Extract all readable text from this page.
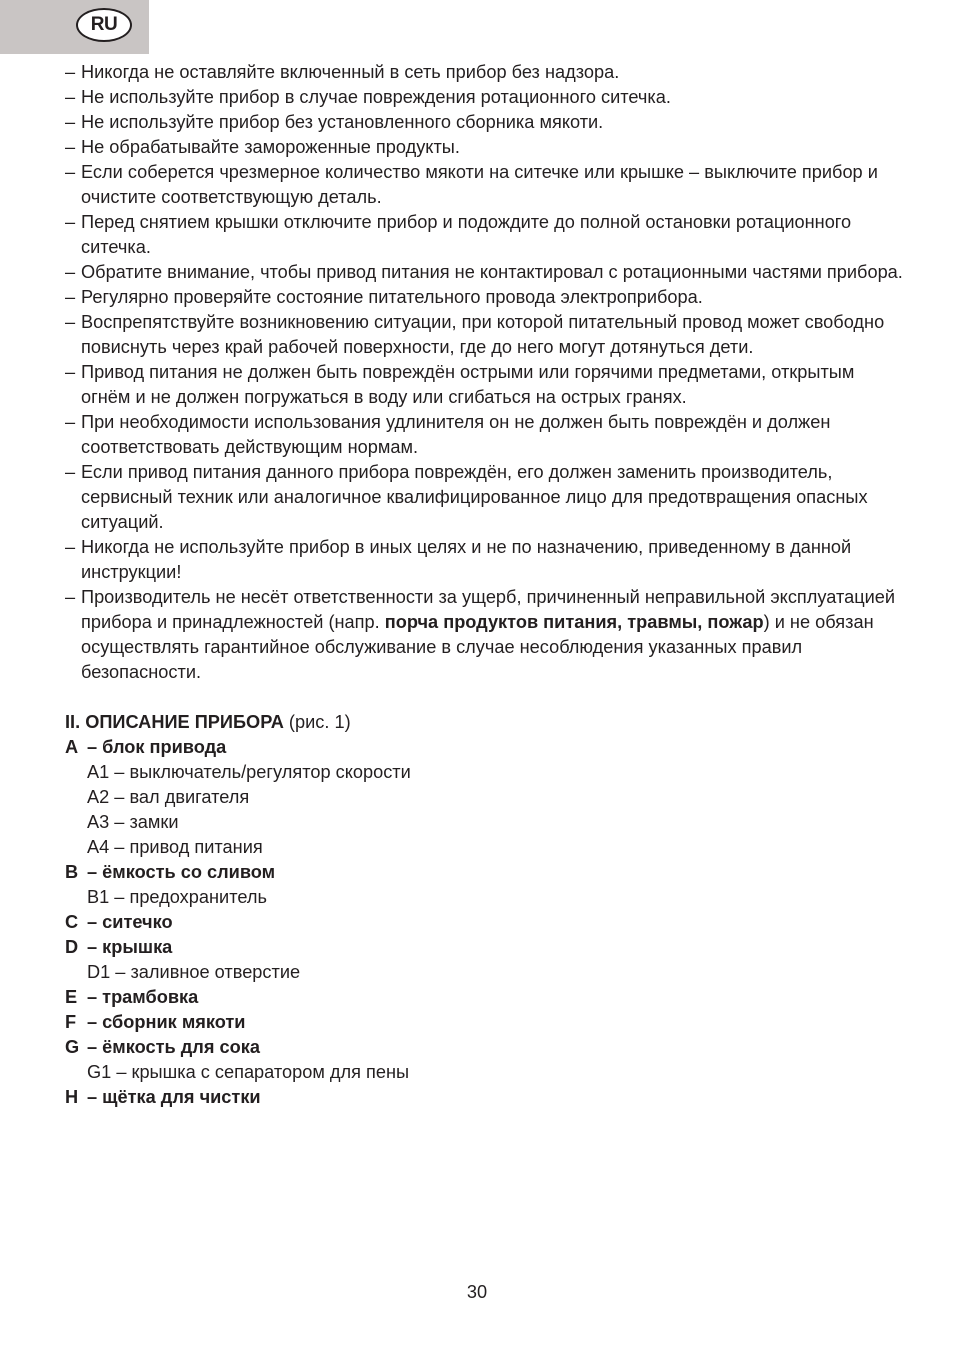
RU
– Никогда не оставляйте включенный в сеть прибор без надзора.
– Не используйте прибор в случае повреждения ротационного ситечка.
– Не используйте прибор без установленного сборника мякоти.
– Не обрабатывайте замороженные продукты.
– Если соберется чрезмерное количество мякоти на ситечке или крышке – выключите прибор и очистите соответствующую деталь.
– Перед снятием крышки отключите прибор и подождите до полной остановки ротационного ситечка.
– Обратите внимание, чтобы привод питания не контактировал с ротационными частями прибора.
– Регулярно проверяйте состояние питательного провода электроприбора.
– Воспрепятствуйте возникновению ситуации, при которой питательный провод может свободно повиснуть через край рабочей поверхности, где до него могут дотянуться дети.
– Привод питания не должен быть повреждён острыми или горячими предметами, открытым огнём и не должен погружаться в воду или сгибаться на острых гранях.
– При необходимости использования удлинителя он не должен быть повреждён и должен соответствовать действующим нормам.
– Если привод питания данного прибора повреждён, его должен заменить производитель, сервисный техник или аналогичное квалифицированное лицо для предотвращения опасных ситуаций.
– Никогда не используйте прибор в иных целях и не по назначению, приведенному в данной инструкции!
– Производитель не несёт ответственности за ущерб, причиненный неправильной эксплуатацией прибора и принадлежностей (напр. порча продуктов питания, травмы, пожар) и не обязан осуществлять гарантийное обслуживание в случае несоблюдения указанных правил безопасности.
II. ОПИСАНИЕ ПРИБОРА (рис. 1)
A – блок привода
A1 – выключатель/регулятор скорости
A2 – вал двигателя
A3 – замки
A4 – привод питания
B – ёмкость со сливом
B1 – предохранитель
C – ситечко
D – крышка
D1 – заливное отверстие
E – трамбовка
F – сборник мякоти
G – ёмкость для сока
G1 – крышка с сепаратором для пены
H – щётка для чистки
30
